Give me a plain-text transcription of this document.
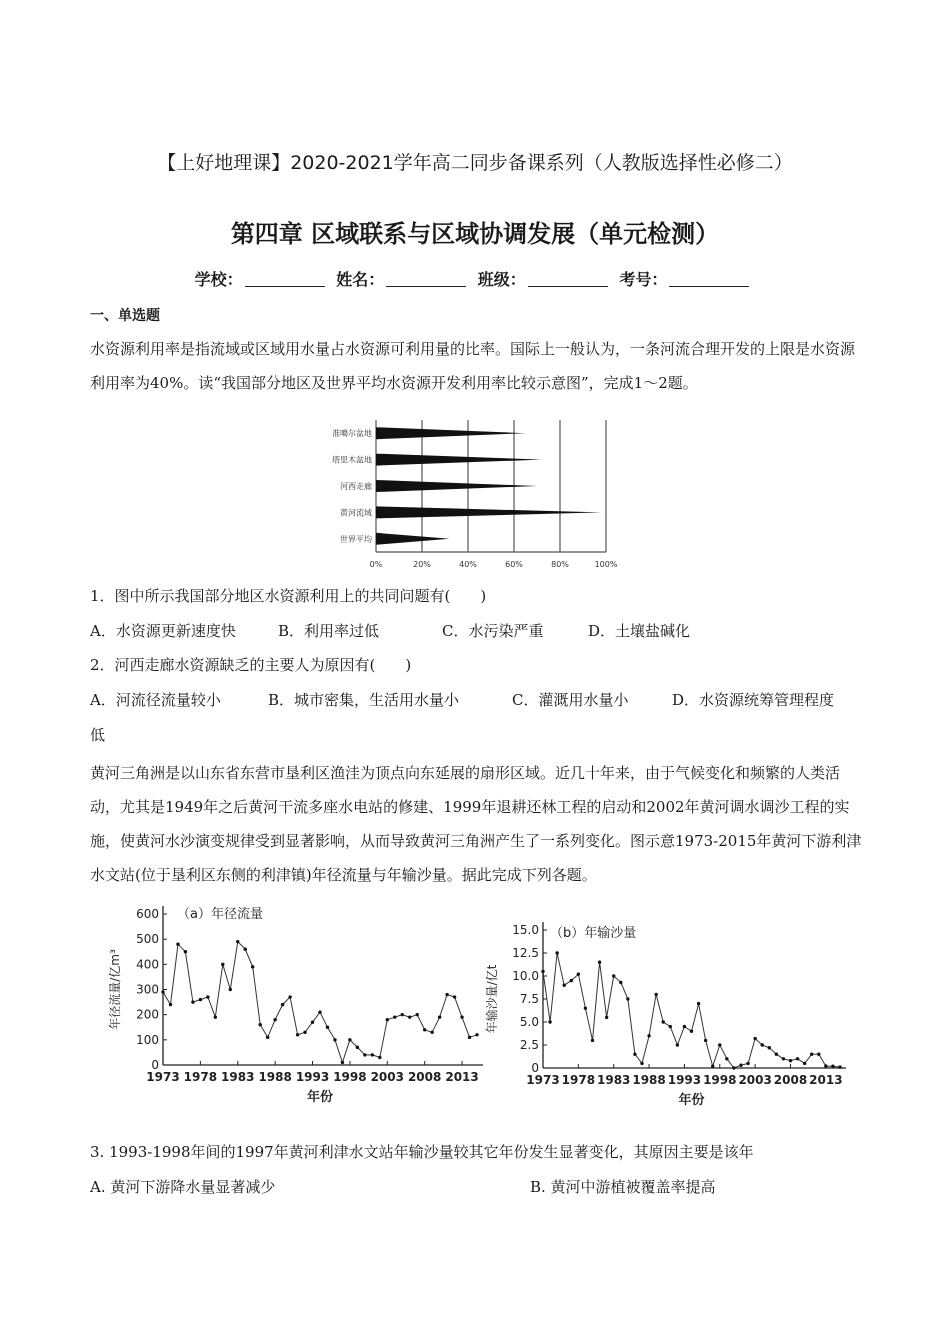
【上好地理课】2020-2021学年高二同步备课系列（人教版选择性必修二）
第四章 区域联系与区域协调发展（单元检测）
学校：	姓名：	班级：	考号：
一、单选题
水资源利用率是指流域或区域用水量占水资源可利用量的比率。国际上一般认为，一条河流合理开发的上限是水资源利用率为40%。读“我国部分地区及世界平均水资源开发利用率比较示意图”，完成1～2题。
准噶尔盆地
塔里木盆地
河西走廊
黄河流域
世界平均
0%	20%	40%	60%	80%	100%
1．图中所示我国部分地区水资源利用上的共同问题有(　　)
A．水资源更新速度快	B．利用率过低	C．水污染严重	D．土壤盐碱化
2．河西走廊水资源缺乏的主要人为原因有(　　)
A．河流径流量较小	B．城市密集，生活用水量小	C．灌溉用水量小	D．水资源统筹管理程度
低
黄河三角洲是以山东省东营市垦利区渔洼为顶点向东延展的扇形区域。近几十年来，由于气候变化和频繁的人类活动，尤其是1949年之后黄河干流多座水电站的修建、1999年退耕还林工程的启动和2002年黄河调水调沙工程的实施，使黄河水沙演变规律受到显著影响，从而导致黄河三角洲产生了一系列变化。图示意1973-2015年黄河下游利津水文站(位于垦利区东侧的利津镇)年径流量与年输沙量。据此完成下列各题。
0
100
200
300
400
500
600
1973 1978 1983 1988 1993 1998 2003 2008 2013
（a）年径流量
年份
年径流量/亿m³
0
2.5
5.0
7.5
10.0
12.5
15.0
1973 1978 1983 1988 1993 1998 2003 2008 2013
（b）年输沙量
年份
年输沙量/亿t
3. 1993-1998年间的1997年黄河利津水文站年输沙量较其它年份发生显著变化，其原因主要是该年
A. 黄河下游降水量显著减少	B. 黄河中游植被覆盖率提高
